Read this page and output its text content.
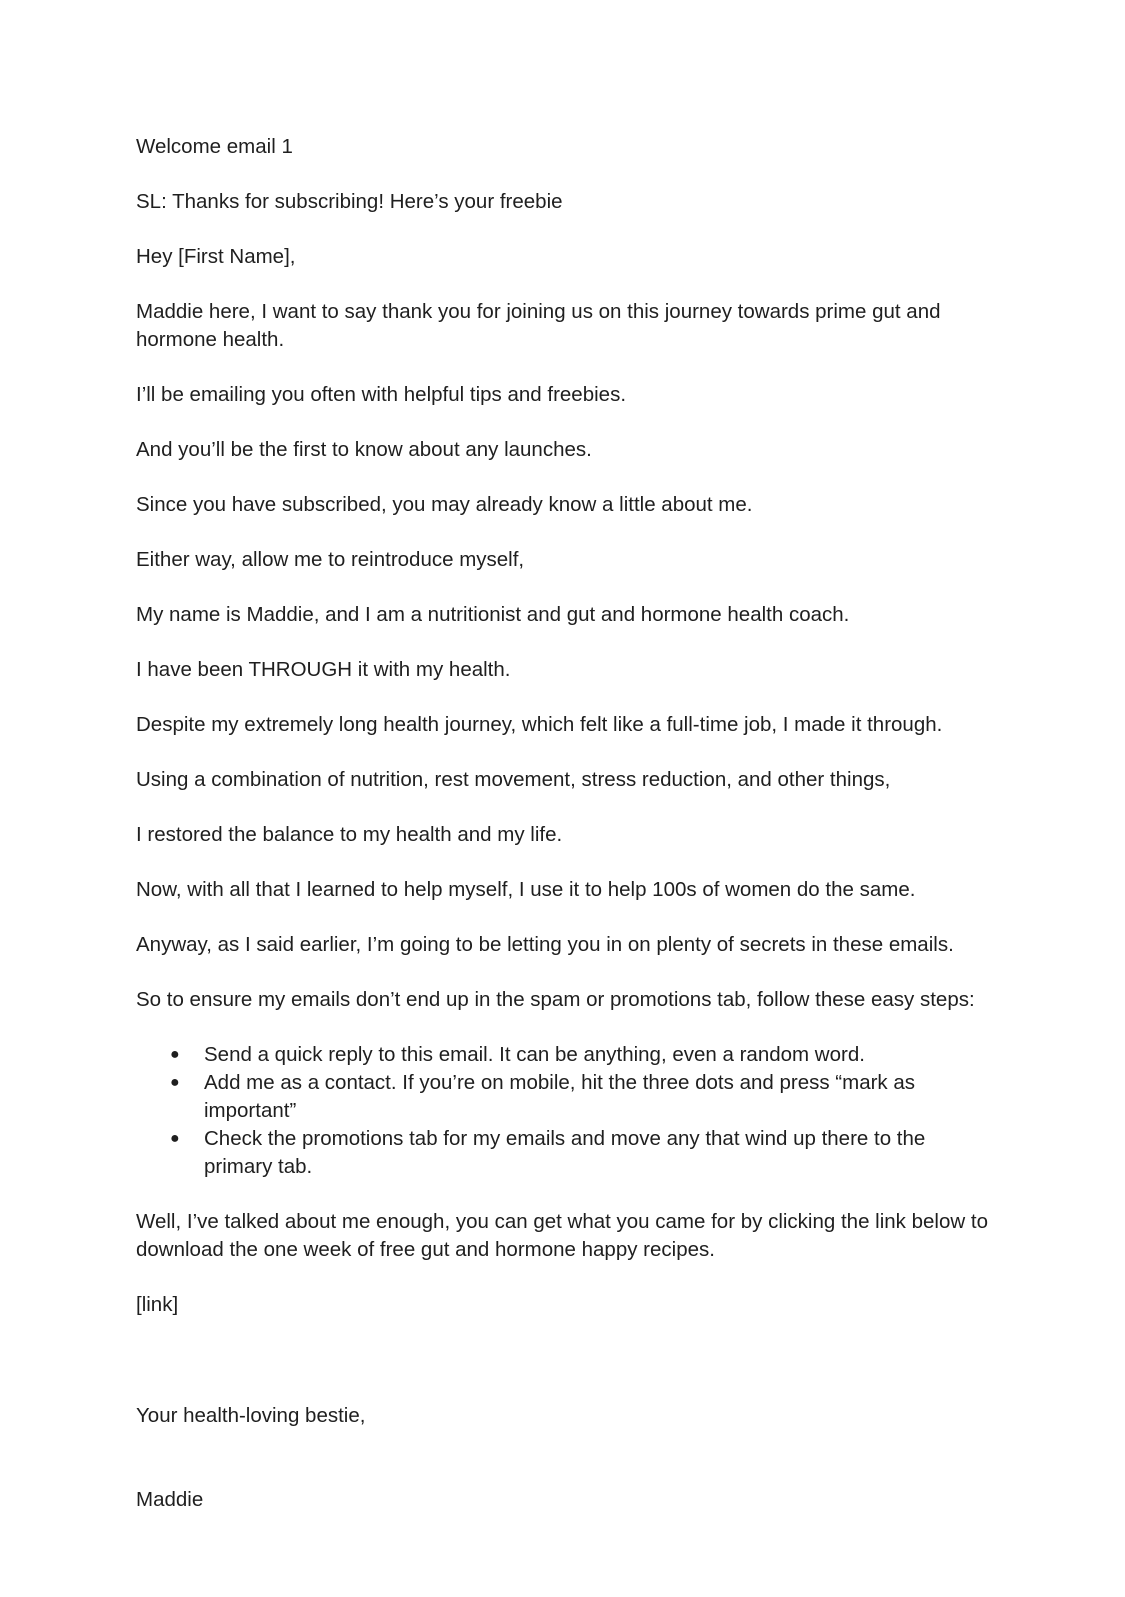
Welcome email 1

SL: Thanks for subscribing! Here’s your freebie

Hey [First Name],

Maddie here, I want to say thank you for joining us on this journey towards prime gut and hormone health.

I’ll be emailing you often with helpful tips and freebies.

And you’ll be the first to know about any launches.

Since you have subscribed, you may already know a little about me.

Either way, allow me to reintroduce myself,

My name is Maddie, and I am a nutritionist and gut and hormone health coach.

I have been THROUGH it with my health.

Despite my extremely long health journey, which felt like a full-time job, I made it through.

Using a combination of nutrition, rest movement, stress reduction, and other things,

I restored the balance to my health and my life.

Now, with all that I learned to help myself, I use it to help 100s of women do the same.

Anyway, as I said earlier, I’m going to be letting you in on plenty of secrets in these emails.

So to ensure my emails don’t end up in the spam or promotions tab, follow these easy steps:

● Send a quick reply to this email. It can be anything, even a random word.
● Add me as a contact. If you’re on mobile, hit the three dots and press “mark as important”
● Check the promotions tab for my emails and move any that wind up there to the primary tab.

Well, I’ve talked about me enough, you can get what you came for by clicking the link below to download the one week of free gut and hormone happy recipes.

[link]

Your health-loving bestie,

Maddie
